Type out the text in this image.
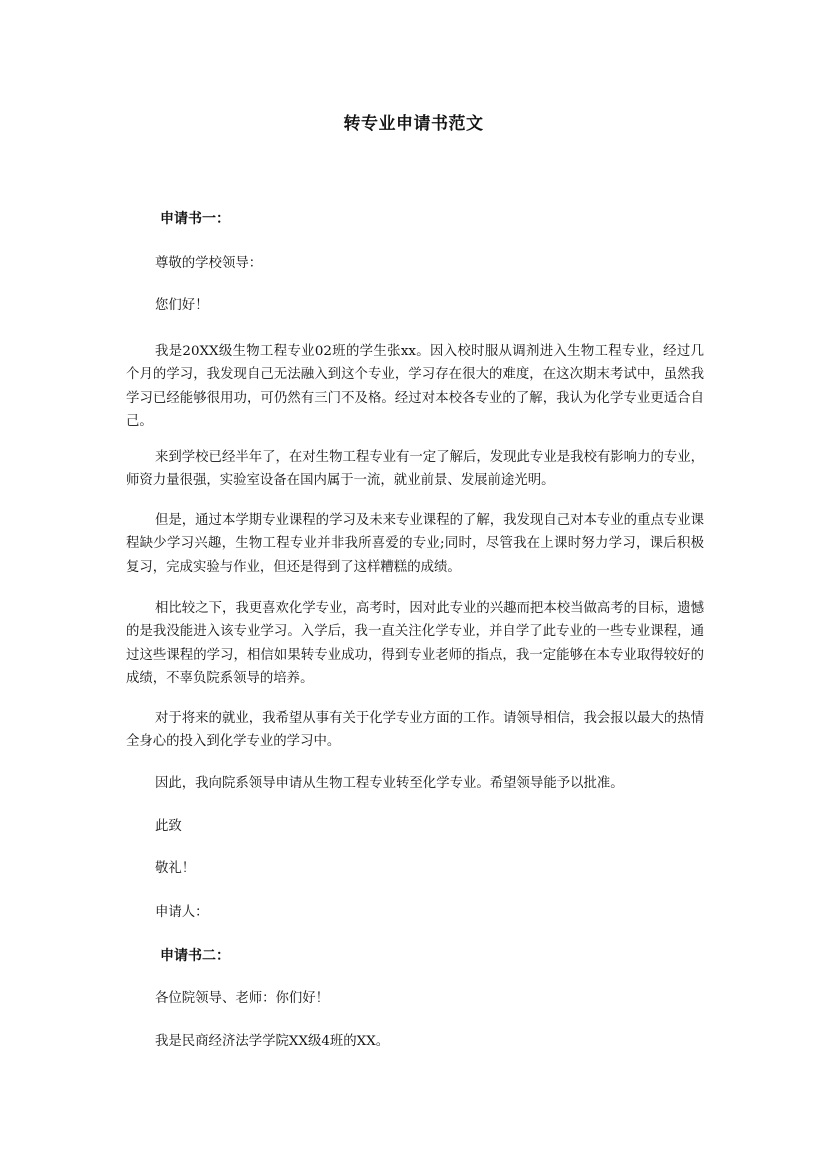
转专业申请书范文
申请书一：
尊敬的学校领导：
您们好！
我是20XX级生物工程专业02班的学生张xx。因入校时服从调剂进入生物工程专业，经过几个月的学习，我发现自己无法融入到这个专业，学习存在很大的难度，在这次期末考试中，虽然我学习已经能够很用功，可仍然有三门不及格。经过对本校各专业的了解，我认为化学专业更适合自己。
来到学校已经半年了，在对生物工程专业有一定了解后，发现此专业是我校有影响力的专业，师资力量很强，实验室设备在国内属于一流，就业前景、发展前途光明。
但是，通过本学期专业课程的学习及未来专业课程的了解，我发现自己对本专业的重点专业课程缺少学习兴趣，生物工程专业并非我所喜爱的专业;同时，尽管我在上课时努力学习，课后积极复习，完成实验与作业，但还是得到了这样糟糕的成绩。
相比较之下，我更喜欢化学专业，高考时，因对此专业的兴趣而把本校当做高考的目标，遗憾的是我没能进入该专业学习。入学后，我一直关注化学专业，并自学了此专业的一些专业课程，通过这些课程的学习，相信如果转专业成功，得到专业老师的指点，我一定能够在本专业取得较好的成绩，不辜负院系领导的培养。
对于将来的就业，我希望从事有关于化学专业方面的工作。请领导相信，我会报以最大的热情全身心的投入到化学专业的学习中。
因此，我向院系领导申请从生物工程专业转至化学专业。希望领导能予以批准。
此致
敬礼！
申请人：
申请书二：
各位院领导、老师：你们好！
我是民商经济法学学院XX级4班的XX。
